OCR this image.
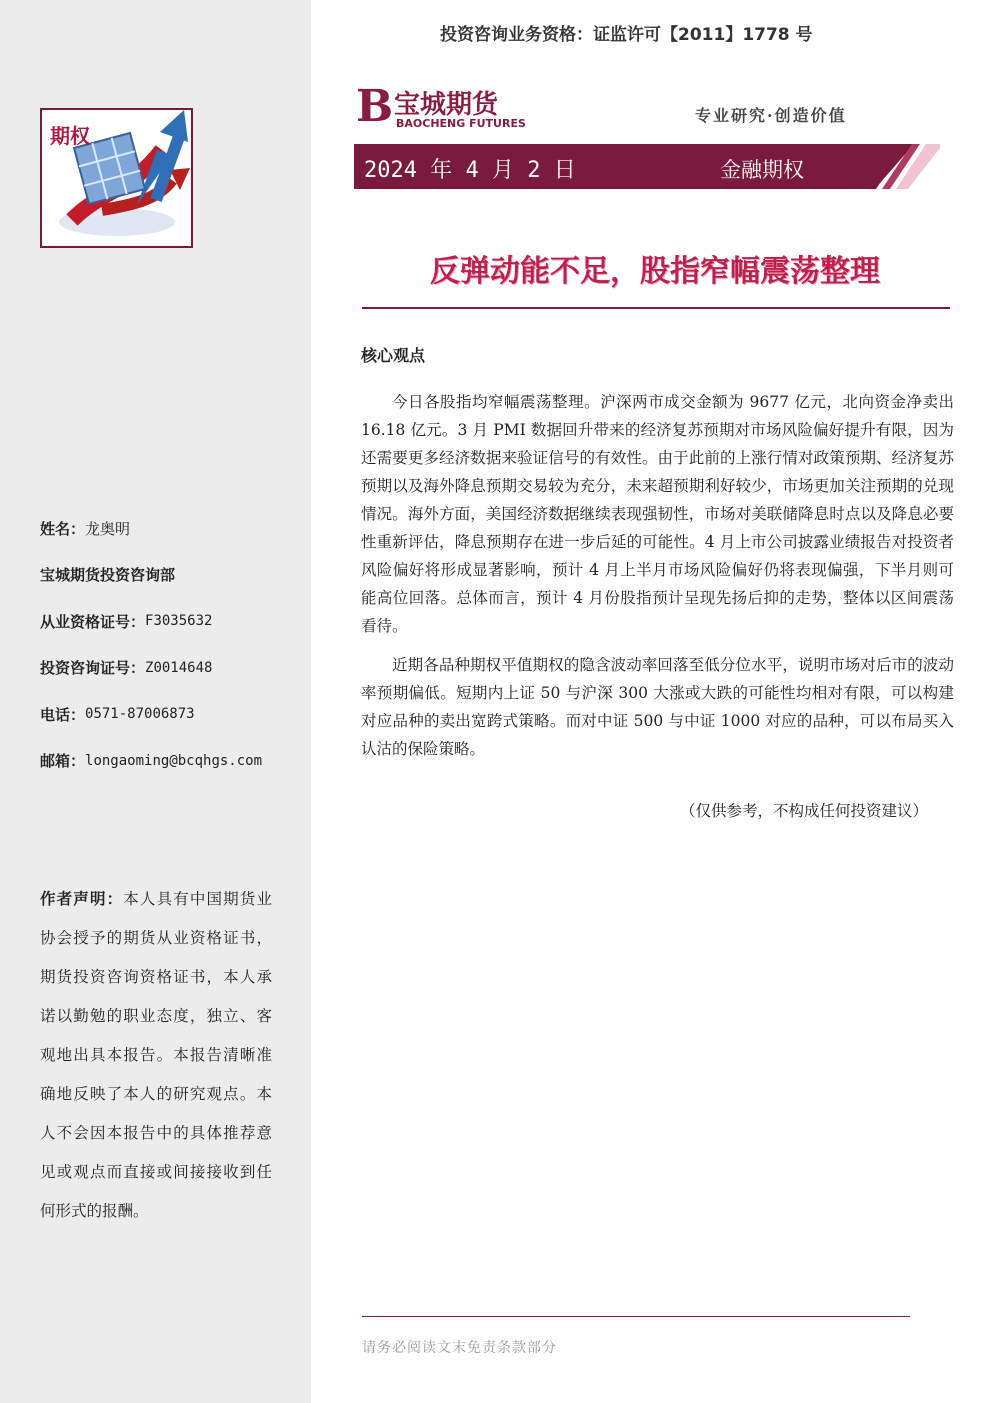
期权
姓名： 龙奥明
宝城期货投资咨询部
从业资格证号： F3035632
投资咨询证号： Z0014648
电话： 0571-87006873
邮箱： longaoming@bcqhgs.com
作者声明：本人具有中国期货业协会授予的期货从业资格证书，期货投资咨询资格证书，本人承诺以勤勉的职业态度，独立、客观地出具本报告。本报告清晰准确地反映了本人的研究观点。本人不会因本报告中的具体推荐意见或观点而直接或间接接收到任何形式的报酬。
投资咨询业务资格：证监许可【2011】1778 号
B 宝城期货
BAOCHENG FUTURES	专业研究·创造价值
2024 年 4 月 2 日	金融期权
反弹动能不足，股指窄幅震荡整理
核心观点

今日各股指均窄幅震荡整理。沪深两市成交金额为 9677 亿元，北向资金净卖出 16.18 亿元。3 月 PMI 数据回升带来的经济复苏预期对市场风险偏好提升有限，因为还需要更多经济数据来验证信号的有效性。由于此前的上涨行情对政策预期、经济复苏预期以及海外降息预期交易较为充分，未来超预期利好较少，市场更加关注预期的兑现情况。海外方面，美国经济数据继续表现强韧性，市场对美联储降息时点以及降息必要性重新评估，降息预期存在进一步后延的可能性。4 月上市公司披露业绩报告对投资者风险偏好将形成显著影响，预计 4 月上半月市场风险偏好仍将表现偏强，下半月则可能高位回落。总体而言，预计 4 月份股指预计呈现先扬后抑的走势，整体以区间震荡看待。

近期各品种期权平值期权的隐含波动率回落至低分位水平，说明市场对后市的波动率预期偏低。短期内上证 50 与沪深 300 大涨或大跌的可能性均相对有限，可以构建对应品种的卖出宽跨式策略。而对中证 500 与中证 1000 对应的品种，可以布局买入认沽的保险策略。

（仅供参考，不构成任何投资建议）
请务必阅读文末免责条款部分
